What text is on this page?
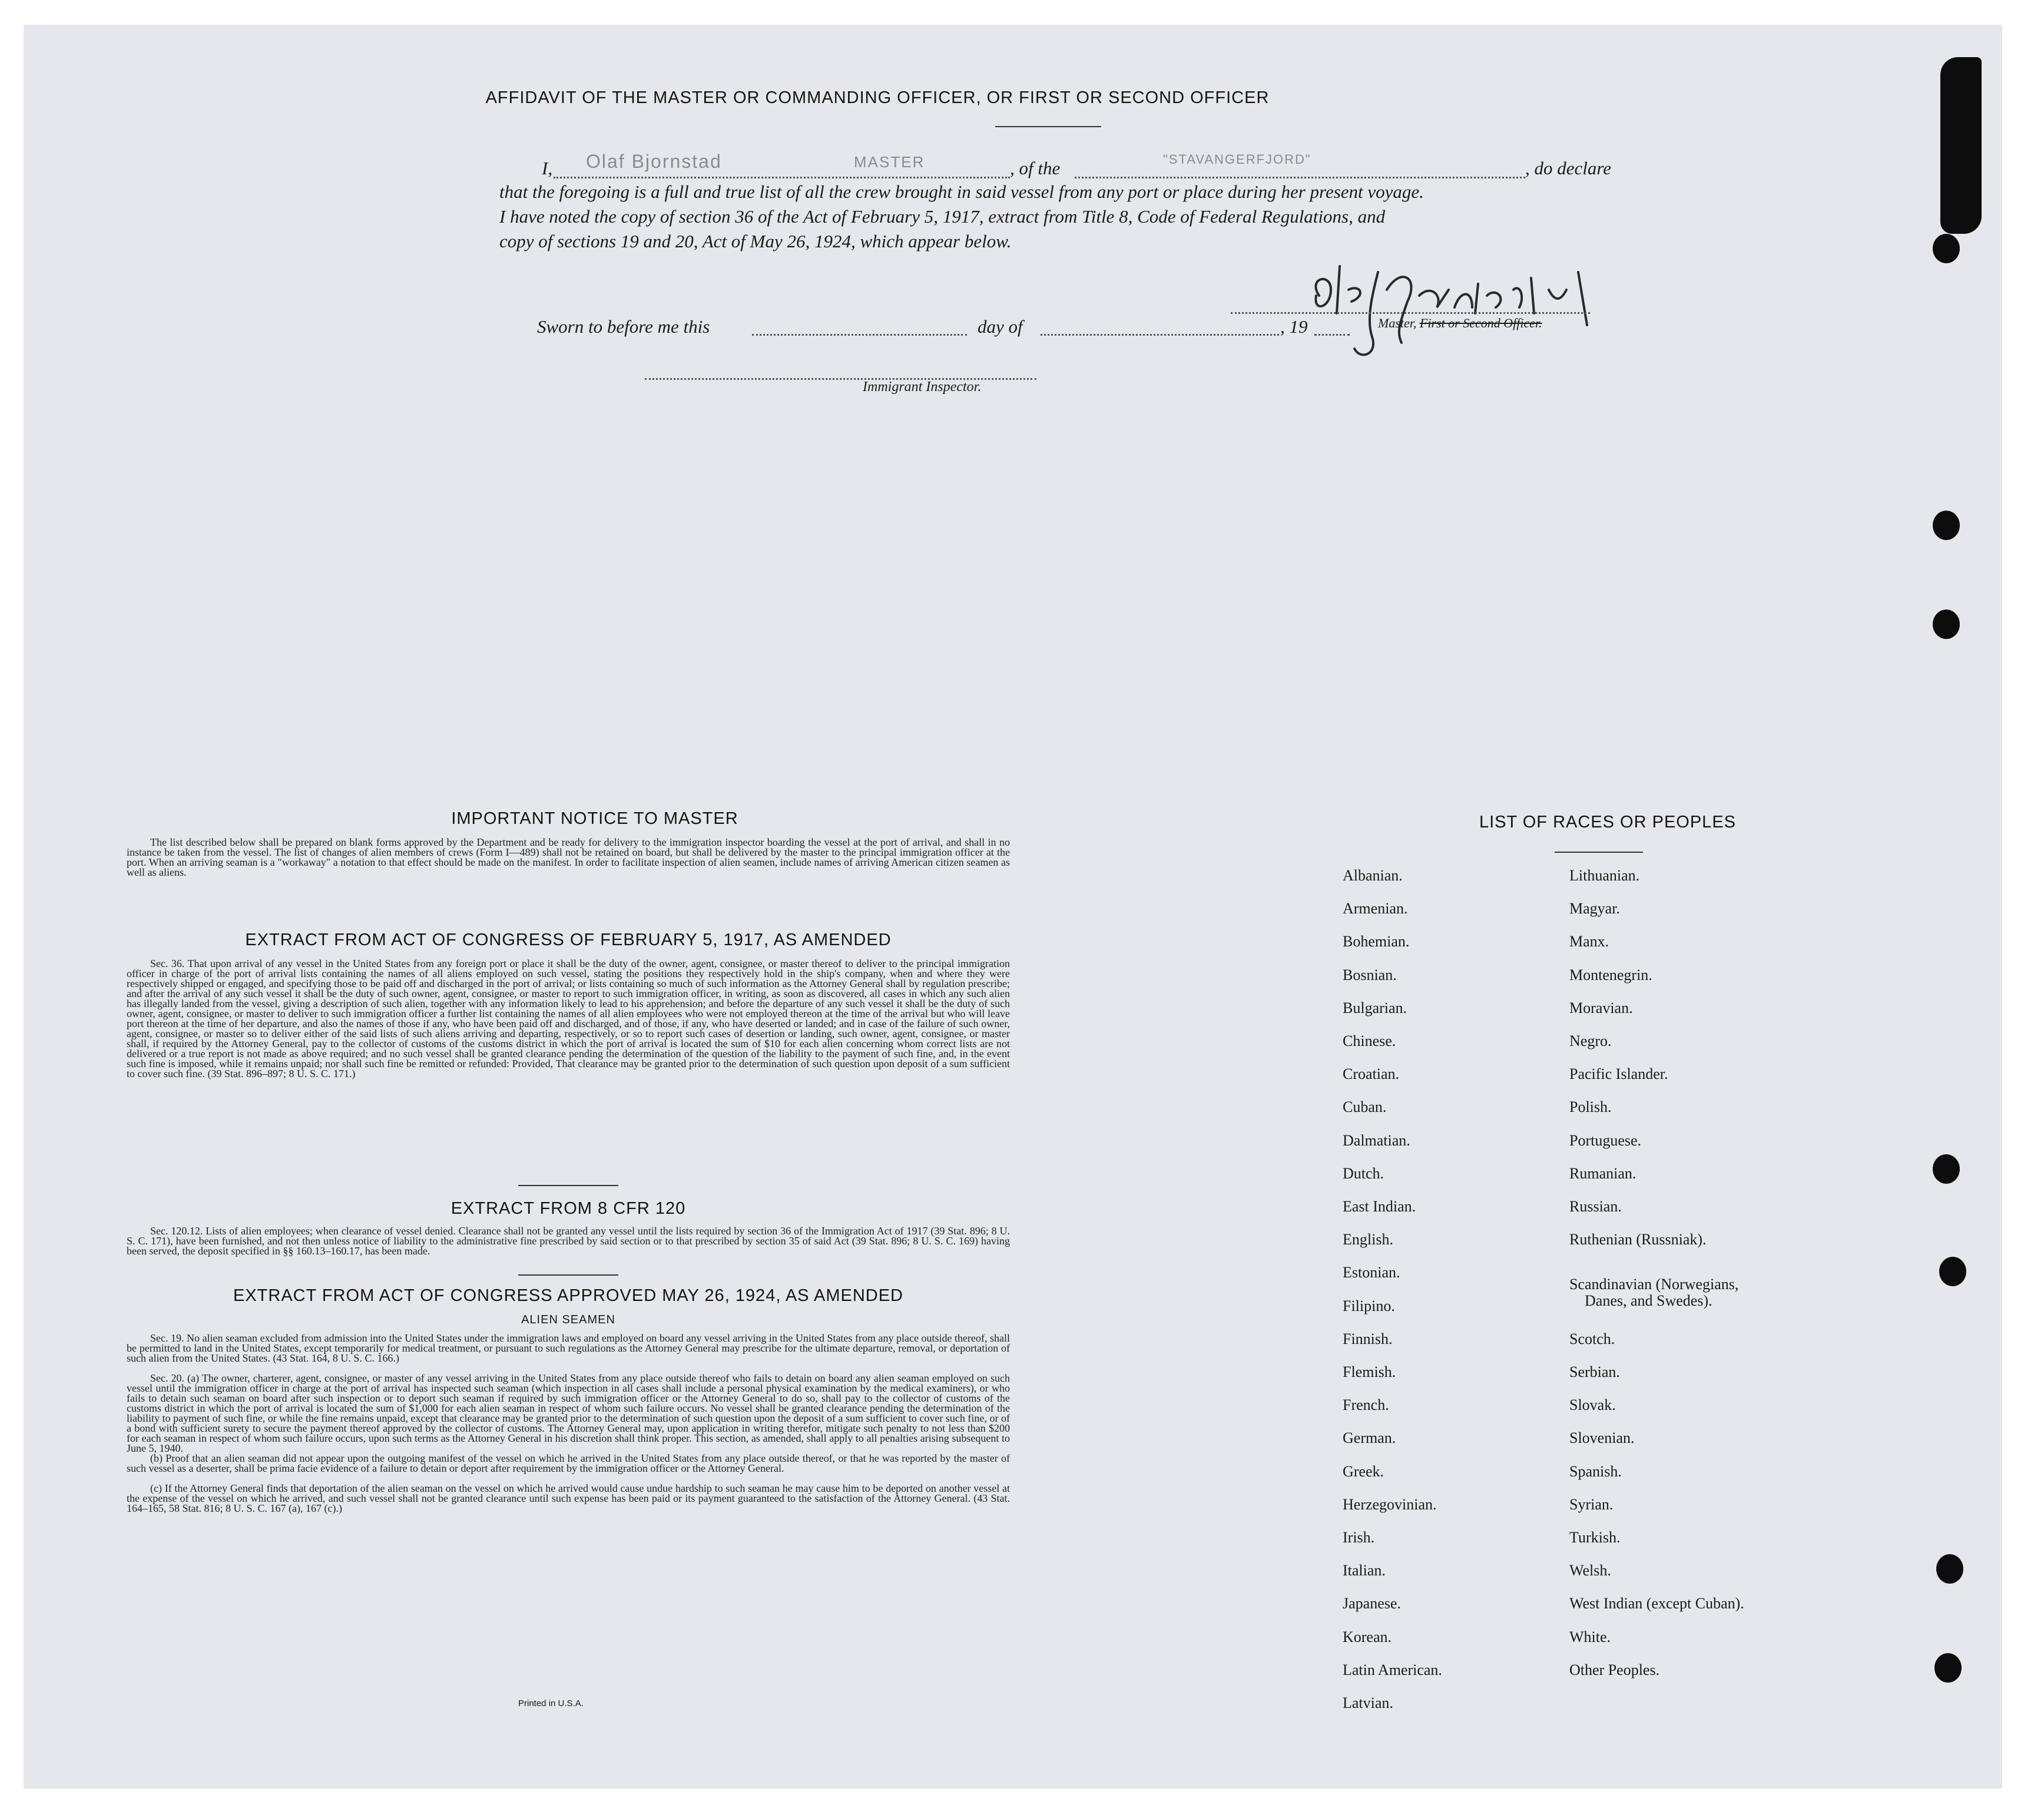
AFFIDAVIT OF THE MASTER OR COMMANDING OFFICER, OR FIRST OR SECOND OFFICER
I, Olaf Bjornstad	MASTER	, of the	"STAVANGERFJORD"	, do declare
that the foregoing is a full and true list of all the crew brought in said vessel from any port or place during her present voyage.
I have noted the copy of section 36 of the Act of February 5, 1917, extract from Title 8, Code of Federal Regulations, and
copy of sections 19 and 20, Act of May 26, 1924, which appear below.
Master, First or Second Officer.
Sworn to before me this	day of	, 19
Immigrant Inspector.
IMPORTANT NOTICE TO MASTER
The list described below shall be prepared on blank forms approved by the Department and be ready for delivery to the immigration inspector boarding the vessel at the port of arrival, and shall in no instance be taken from the vessel. The list of changes of alien members of crews (Form I—489) shall not be retained on board, but shall be delivered by the master to the principal immigration officer at the port. When an arriving seaman is a "workaway" a notation to that effect should be made on the manifest. In order to facilitate inspection of alien seamen, include names of arriving American citizen seamen as well as aliens.
EXTRACT FROM ACT OF CONGRESS OF FEBRUARY 5, 1917, AS AMENDED
Sec. 36. That upon arrival of any vessel in the United States from any foreign port or place it shall be the duty of the owner, agent, consignee, or master thereof to deliver to the principal immigration officer in charge of the port of arrival lists containing the names of all aliens employed on such vessel, stating the positions they respectively hold in the ship's company, when and where they were respectively shipped or engaged, and specifying those to be paid off and discharged in the port of arrival; or lists containing so much of such information as the Attorney General shall by regulation prescribe; and after the arrival of any such vessel it shall be the duty of such owner, agent, consignee, or master to report to such immigration officer, in writing, as soon as discovered, all cases in which any such alien has illegally landed from the vessel, giving a description of such alien, together with any information likely to lead to his apprehension; and before the departure of any such vessel it shall be the duty of such owner, agent, consignee, or master to deliver to such immigration officer a further list containing the names of all alien employees who were not employed thereon at the time of the arrival but who will leave port thereon at the time of her departure, and also the names of those if any, who have been paid off and discharged, and of those, if any, who have deserted or landed; and in case of the failure of such owner, agent, consignee, or master so to deliver either of the said lists of such aliens arriving and departing, respectively, or so to report such cases of desertion or landing, such owner, agent, consignee, or master shall, if required by the Attorney General, pay to the collector of customs of the customs district in which the port of arrival is located the sum of $10 for each alien concerning whom correct lists are not delivered or a true report is not made as above required; and no such vessel shall be granted clearance pending the determination of the question of the liability to the payment of such fine, and, in the event such fine is imposed, while it remains unpaid; nor shall such fine be remitted or refunded: Provided, That clearance may be granted prior to the determination of such question upon deposit of a sum sufficient to cover such fine. (39 Stat. 896–897; 8 U. S. C. 171.)
EXTRACT FROM 8 CFR 120
Sec. 120.12. Lists of alien employees; when clearance of vessel denied. Clearance shall not be granted any vessel until the lists required by section 36 of the Immigration Act of 1917 (39 Stat. 896; 8 U. S. C. 171), have been furnished, and not then unless notice of liability to the administrative fine prescribed by said section or to that prescribed by section 35 of said Act (39 Stat. 896; 8 U. S. C. 169) having been served, the deposit specified in §§ 160.13–160.17, has been made.
EXTRACT FROM ACT OF CONGRESS APPROVED MAY 26, 1924, AS AMENDED
ALIEN SEAMEN
Sec. 19. No alien seaman excluded from admission into the United States under the immigration laws and employed on board any vessel arriving in the United States from any place outside thereof, shall be permitted to land in the United States, except temporarily for medical treatment, or pursuant to such regulations as the Attorney General may prescribe for the ultimate departure, removal, or deportation of such alien from the United States. (43 Stat. 164, 8 U. S. C. 166.)
Sec. 20. (a) The owner, charterer, agent, consignee, or master of any vessel arriving in the United States from any place outside thereof who fails to detain on board any alien seaman employed on such vessel until the immigration officer in charge at the port of arrival has inspected such seaman (which inspection in all cases shall include a personal physical examination by the medical examiners), or who fails to detain such seaman on board after such inspection or to deport such seaman if required by such immigration officer or the Attorney General to do so, shall pay to the collector of customs of the customs district in which the port of arrival is located the sum of $1,000 for each alien seaman in respect of whom such failure occurs. No vessel shall be granted clearance pending the determination of the liability to payment of such fine, or while the fine remains unpaid, except that clearance may be granted prior to the determination of such question upon the deposit of a sum sufficient to cover such fine, or of a bond with sufficient surety to secure the payment thereof approved by the collector of customs. The Attorney General may, upon application in writing therefor, mitigate such penalty to not less than $200 for each seaman in respect of whom such failure occurs, upon such terms as the Attorney General in his discretion shall think proper. This section, as amended, shall apply to all penalties arising subsequent to June 5, 1940.
(b) Proof that an alien seaman did not appear upon the outgoing manifest of the vessel on which he arrived in the United States from any place outside thereof, or that he was reported by the master of such vessel as a deserter, shall be prima facie evidence of a failure to detain or deport after requirement by the immigration officer or the Attorney General.
(c) If the Attorney General finds that deportation of the alien seaman on the vessel on which he arrived would cause undue hardship to such seaman he may cause him to be deported on another vessel at the expense of the vessel on which he arrived, and such vessel shall not be granted clearance until such expense has been paid or its payment guaranteed to the satisfaction of the Attorney General. (43 Stat. 164–165, 58 Stat. 816; 8 U. S. C. 167 (a), 167 (c).)
Printed in U.S.A.
LIST OF RACES OR PEOPLES
Albanian.
Armenian.
Bohemian.
Bosnian.
Bulgarian.
Chinese.
Croatian.
Cuban.
Dalmatian.
Dutch.
East Indian.
English.
Estonian.
Filipino.
Finnish.
Flemish.
French.
German.
Greek.
Herzegovinian.
Irish.
Italian.
Japanese.
Korean.
Latin American.
Latvian.
Lithuanian.
Magyar.
Manx.
Montenegrin.
Moravian.
Negro.
Pacific Islander.
Polish.
Portuguese.
Rumanian.
Russian.
Ruthenian (Russniak).
Scandinavian (Norwegians,
Danes, and Swedes).
Scotch.
Serbian.
Slovak.
Slovenian.
Spanish.
Syrian.
Turkish.
Welsh.
West Indian (except Cuban).
White.
Other Peoples.
